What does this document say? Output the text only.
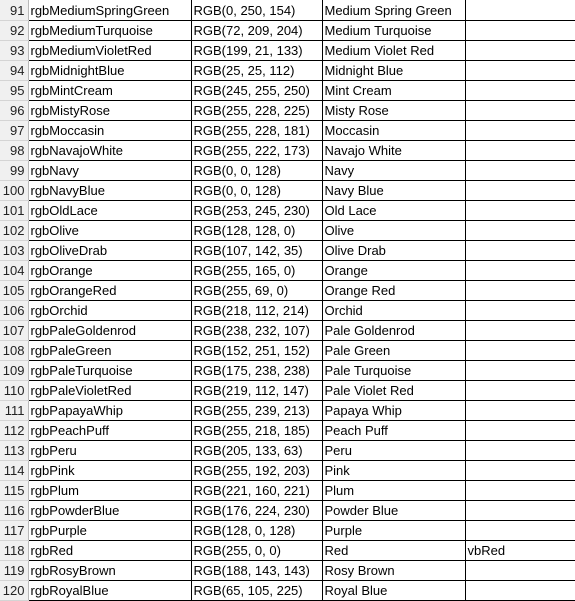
91	rgbMediumSpringGreen	RGB(0, 250, 154)	Medium Spring Green	
92	rgbMediumTurquoise	RGB(72, 209, 204)	Medium Turquoise	
93	rgbMediumVioletRed	RGB(199, 21, 133)	Medium Violet Red	
94	rgbMidnightBlue	RGB(25, 25, 112)	Midnight Blue	
95	rgbMintCream	RGB(245, 255, 250)	Mint Cream	
96	rgbMistyRose	RGB(255, 228, 225)	Misty Rose	
97	rgbMoccasin	RGB(255, 228, 181)	Moccasin	
98	rgbNavajoWhite	RGB(255, 222, 173)	Navajo White	
99	rgbNavy	RGB(0, 0, 128)	Navy	
100	rgbNavyBlue	RGB(0, 0, 128)	Navy Blue	
101	rgbOldLace	RGB(253, 245, 230)	Old Lace	
102	rgbOlive	RGB(128, 128, 0)	Olive	
103	rgbOliveDrab	RGB(107, 142, 35)	Olive Drab	
104	rgbOrange	RGB(255, 165, 0)	Orange	
105	rgbOrangeRed	RGB(255, 69, 0)	Orange Red	
106	rgbOrchid	RGB(218, 112, 214)	Orchid	
107	rgbPaleGoldenrod	RGB(238, 232, 107)	Pale Goldenrod	
108	rgbPaleGreen	RGB(152, 251, 152)	Pale Green	
109	rgbPaleTurquoise	RGB(175, 238, 238)	Pale Turquoise	
110	rgbPaleVioletRed	RGB(219, 112, 147)	Pale Violet Red	
111	rgbPapayaWhip	RGB(255, 239, 213)	Papaya Whip	
112	rgbPeachPuff	RGB(255, 218, 185)	Peach Puff	
113	rgbPeru	RGB(205, 133, 63)	Peru	
114	rgbPink	RGB(255, 192, 203)	Pink	
115	rgbPlum	RGB(221, 160, 221)	Plum	
116	rgbPowderBlue	RGB(176, 224, 230)	Powder Blue	
117	rgbPurple	RGB(128, 0, 128)	Purple	
118	rgbRed	RGB(255, 0, 0)	Red	vbRed
119	rgbRosyBrown	RGB(188, 143, 143)	Rosy Brown	
120	rgbRoyalBlue	RGB(65, 105, 225)	Royal Blue	
